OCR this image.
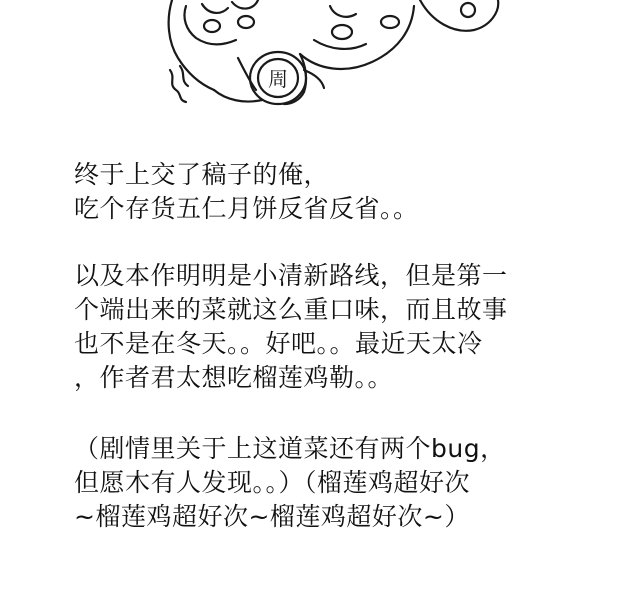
周
终于上交了稿子的俺，
吃个存货五仁月饼反省反省。。
以及本作明明是小清新路线，但是第一
个端出来的菜就这么重口味，而且故事
也不是在冬天。。好吧。。最近天太冷
，作者君太想吃榴莲鸡勒。。
（剧情里关于上这道菜还有两个bug，
但愿木有人发现。。）（榴莲鸡超好次
~榴莲鸡超好次~榴莲鸡超好次~）
